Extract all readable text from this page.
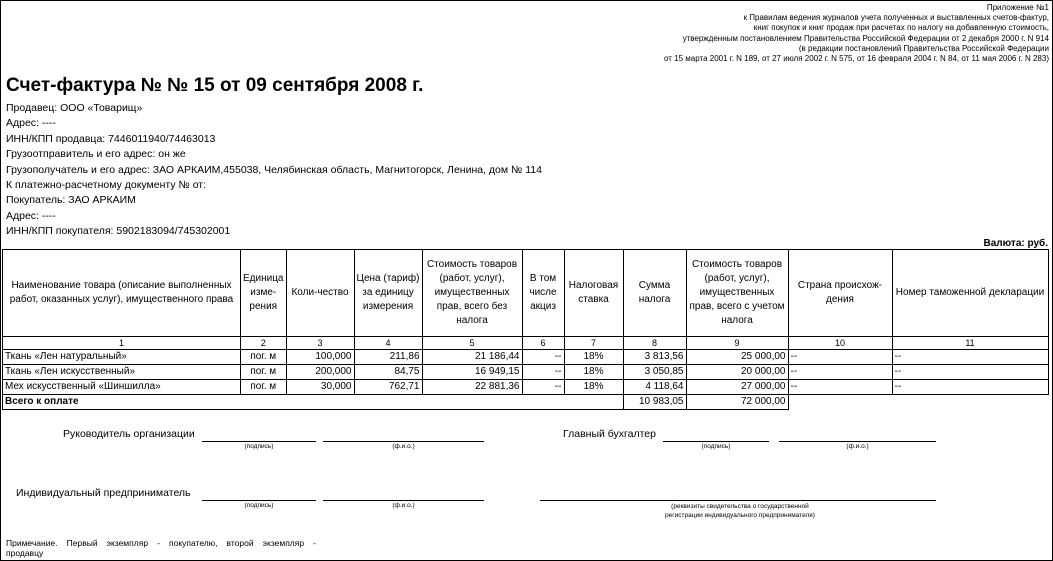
Приложение №1
к Правилам ведения журналов учета полученных и выставленных счетов-фактур,
книг покупок и книг продаж при расчетах по налогу на добавленную стоимость,
утвержденным постановлением Правительства Российской Федерации от 2 декабря 2000 г. N 914
(в редакции постановлений Правительства Российской Федерации
от 15 марта 2001 г. N 189, от 27 июля 2002 г. N 575, от 16 февраля 2004 г. N 84, от 11 мая 2006 г. N 283)
Счет-фактура № № 15 от 09 сентября 2008 г.
Продавец: ООО «Товарищ»
Адрес: ----
ИНН/КПП продавца: 7446011940/74463013
Грузоотправитель и его адрес: он же
Грузополучатель и его адрес: ЗАО АРКАИМ,455038, Челябинская область, Магнитогорск, Ленина, дом № 114
К платежно-расчетному документу № от:
Покупатель: ЗАО АРКАИМ
Адрес: ----
ИНН/КПП покупателя: 5902183094/745302001
Валюта: руб.
Наименование товара (описание выполненных работ, оказанных услуг), имущественного права	Единица изме-рения	Коли-чество	Цена (тариф) за единицу измерения	Стоимость товаров (работ, услуг), имущественных прав, всего без налога	В том числе акциз	Налоговая ставка	Сумма налога	Стоимость товаров (работ, услуг), имущественных прав, всего с учетом налога	Страна происхож-дения	Номер таможенной декларации
1	2	3	4	5	6	7	8	9	10	11
Ткань «Лен натуральный»	пог. м	100,000	211,86	21 186,44	--	18%	3 813,56	25 000,00	--	--
Ткань «Лен искусственный»	пог. м	200,000	84,75	16 949,15	--	18%	3 050,85	20 000,00	--	--
Мех искусственный «Шиншилла»	пог. м	30,000	762,71	22 881,36	--	18%	4 118,64	27 000,00	--	--
Всего к оплате							10 983,05	72 000,00		
Руководитель организации
(подпись)	(ф.и.о.)
Главный бухгалтер
(подпись)	(ф.и.о.)
Индивидуальный предприниматель
(подпись)	(ф.и.о.)	(реквизиты свидетельства о государственной
регистрации индивидуального предпринимателя)
Примечание. Первый экземпляр - покупателю, второй экземпляр -
продавцу
